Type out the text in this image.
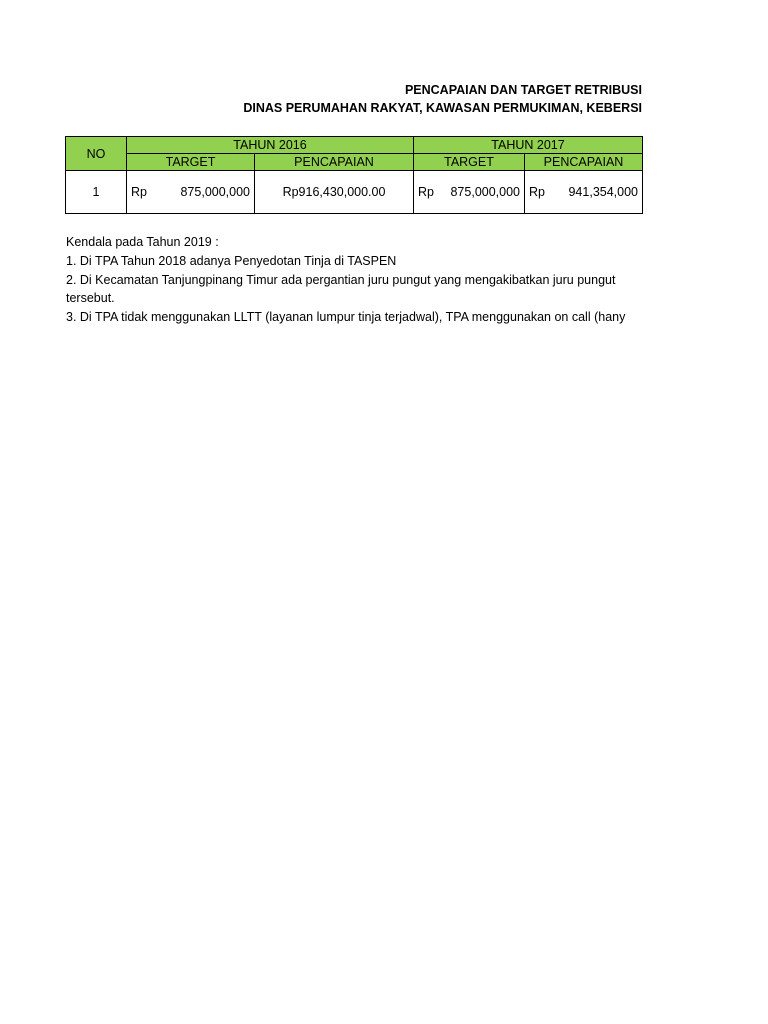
PENCAPAIAN DAN TARGET RETRIBUSI
DINAS PERUMAHAN RAKYAT, KAWASAN PERMUKIMAN, KEBERSI
NO	TAHUN 2016		TAHUN 2017	
	TARGET	PENCAPAIAN	TARGET	PENCAPAIAN
1	Rp 875,000,000	Rp916,430,000.00	Rp 875,000,000	Rp 941,354,000
Kendala pada Tahun 2019 :
1. Di TPA Tahun 2018 adanya Penyedotan Tinja di TASPEN
2. Di Kecamatan Tanjungpinang Timur ada pergantian juru pungut yang mengakibatkan juru pungut
tersebut.
3. Di TPA tidak menggunakan LLTT (layanan lumpur tinja terjadwal), TPA menggunakan on call (hany
